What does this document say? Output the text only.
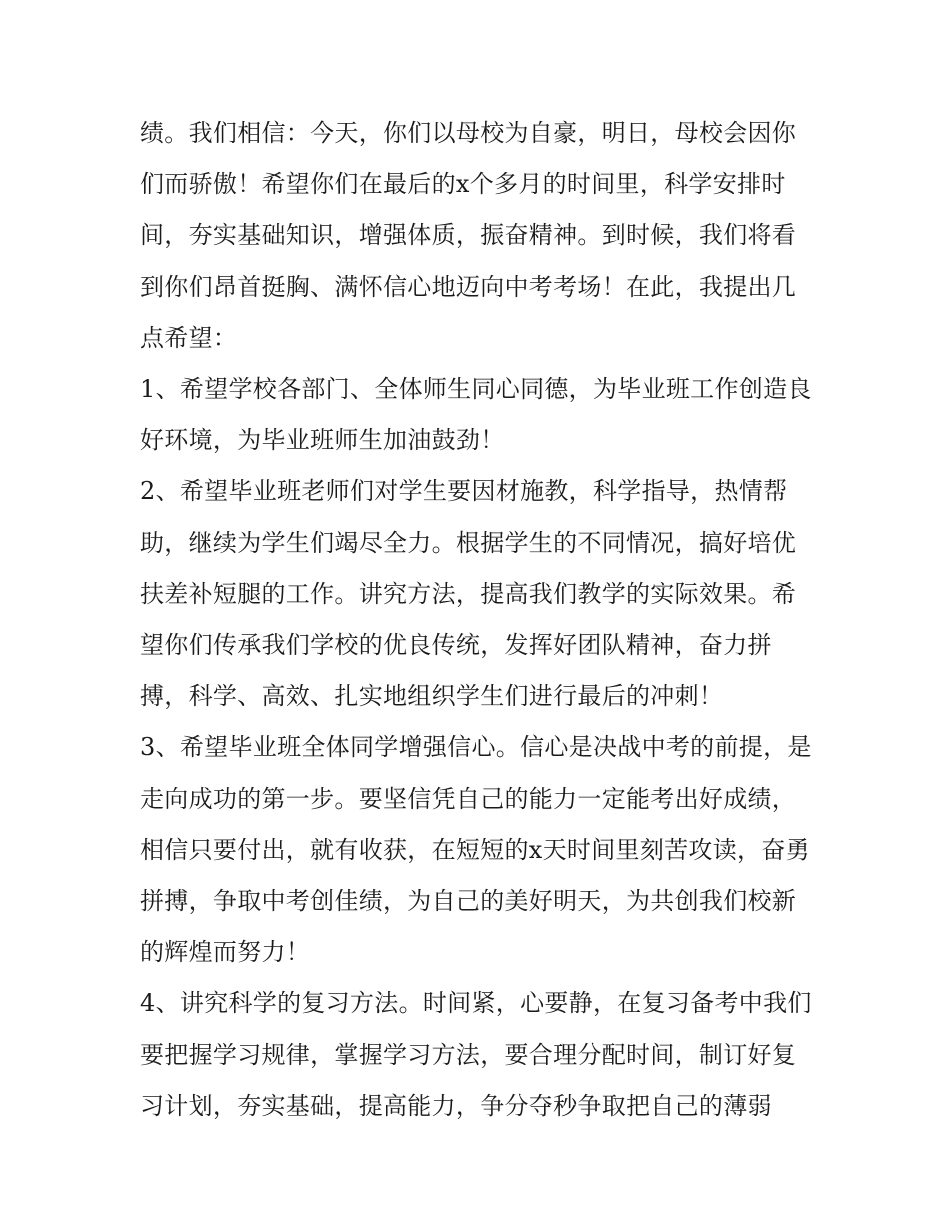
绩。我们相信：今天，你们以母校为自豪，明日，母校会因你们而骄傲！希望你们在最后的x个多月的时间里，科学安排时间，夯实基础知识，增强体质，振奋精神。到时候，我们将看到你们昂首挺胸、满怀信心地迈向中考考场！在此，我提出几点希望：

1、希望学校各部门、全体师生同心同德，为毕业班工作创造良好环境，为毕业班师生加油鼓劲！

2、希望毕业班老师们对学生要因材施教，科学指导，热情帮助，继续为学生们竭尽全力。根据学生的不同情况，搞好培优扶差补短腿的工作。讲究方法，提高我们教学的实际效果。希望你们传承我们学校的优良传统，发挥好团队精神，奋力拼搏，科学、高效、扎实地组织学生们进行最后的冲刺！

3、希望毕业班全体同学增强信心。信心是决战中考的前提，是走向成功的第一步。要坚信凭自己的能力一定能考出好成绩，相信只要付出，就有收获，在短短的x天时间里刻苦攻读，奋勇拼搏，争取中考创佳绩，为自己的美好明天，为共创我们校新的辉煌而努力！

4、讲究科学的复习方法。时间紧，心要静，在复习备考中我们要把握学习规律，掌握学习方法，要合理分配时间，制订好复习计划，夯实基础，提高能力，争分夺秒争取把自己的薄弱
